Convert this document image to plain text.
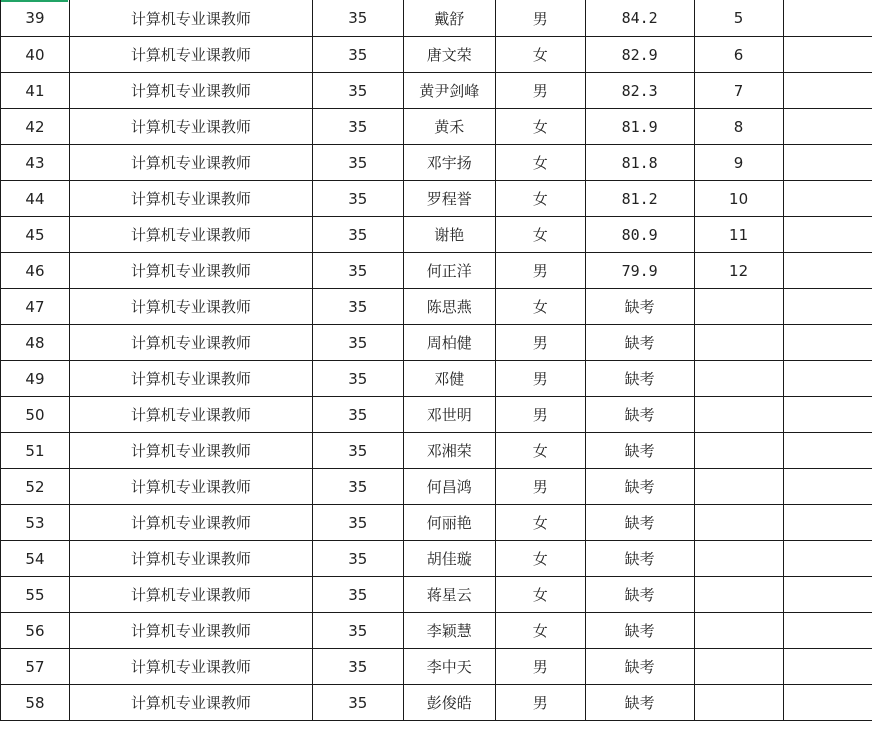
39	计算机专业课教师	35	戴舒	男	84.2	5	
40	计算机专业课教师	35	唐文荣	女	82.9	6	
41	计算机专业课教师	35	黄尹剑峰	男	82.3	7	
42	计算机专业课教师	35	黄禾	女	81.9	8	
43	计算机专业课教师	35	邓宇扬	女	81.8	9	
44	计算机专业课教师	35	罗程誉	女	81.2	10	
45	计算机专业课教师	35	谢艳	女	80.9	11	
46	计算机专业课教师	35	何正洋	男	79.9	12	
47	计算机专业课教师	35	陈思燕	女	缺考		
48	计算机专业课教师	35	周柏健	男	缺考		
49	计算机专业课教师	35	邓健	男	缺考		
50	计算机专业课教师	35	邓世明	男	缺考		
51	计算机专业课教师	35	邓湘荣	女	缺考		
52	计算机专业课教师	35	何昌鸿	男	缺考		
53	计算机专业课教师	35	何丽艳	女	缺考		
54	计算机专业课教师	35	胡佳璇	女	缺考		
55	计算机专业课教师	35	蒋星云	女	缺考		
56	计算机专业课教师	35	李颖慧	女	缺考		
57	计算机专业课教师	35	李中天	男	缺考		
58	计算机专业课教师	35	彭俊皓	男	缺考		
